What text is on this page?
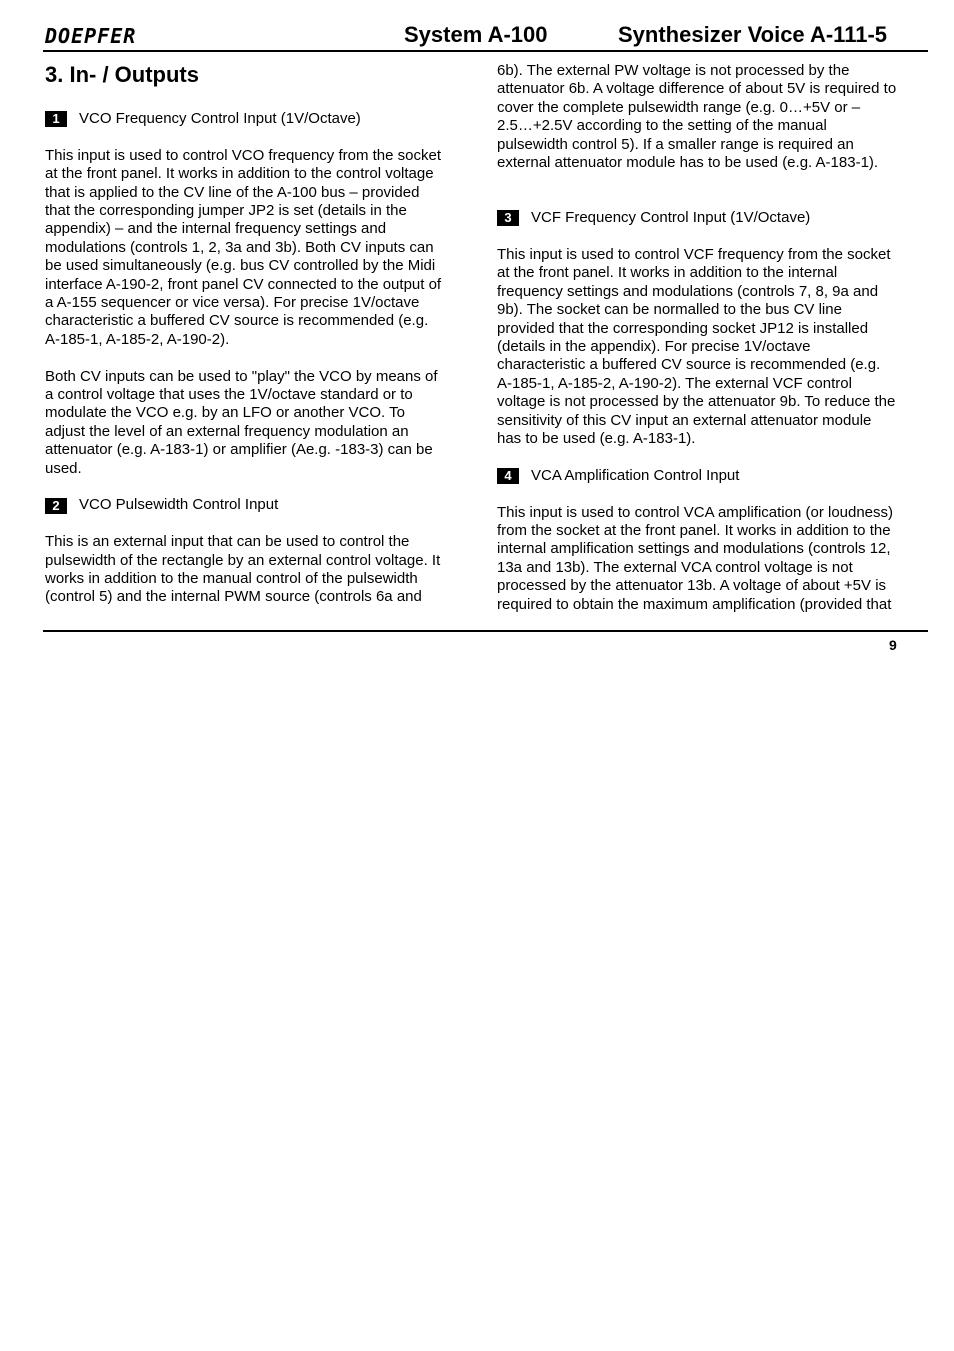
DOEPFER	System A-100	Synthesizer Voice A-111-5
3. In- / Outputs
1	VCO Frequency Control Input (1V/Octave)

This input is used to control VCO frequency from the socket

at the front panel. It works in addition to the control voltage

that is applied to the CV line of the A-100 bus – provided

that the corresponding jumper JP2 is set (details in the

appendix) – and the internal frequency settings and

modulations (controls 1, 2, 3a and 3b). Both CV inputs can

be used simultaneously (e.g. bus CV controlled by the Midi

interface A-190-2, front panel CV connected to the output of

a A-155 sequencer or vice versa). For precise 1V/octave

characteristic a buffered CV source is recommended (e.g.

A-185-1, A-185-2, A-190-2).

Both CV inputs can be used to "play" the VCO by means of

a control voltage that uses the 1V/octave standard or to

modulate the VCO e.g. by an LFO or another VCO. To

adjust the level of an external frequency modulation an

attenuator (e.g. A-183-1) or amplifier (Ae.g. -183-3) can be

used.

2	VCO Pulsewidth Control Input

This is an external input that can be used to control the

pulsewidth of the rectangle by an external control voltage. It

works in addition to the manual control of the pulsewidth

(control 5) and the internal PWM source (controls 6a and

6b). The external PW voltage is not processed by the

attenuator 6b. A voltage difference of about 5V is required to

cover the complete pulsewidth range (e.g. 0…+5V or –

2.5…+2.5V according to the setting of the manual

pulsewidth control 5). If a smaller range is required an

external attenuator module has to be used (e.g. A-183-1).

3	VCF Frequency Control Input (1V/Octave)

This input is used to control VCF frequency from the socket

at the front panel. It works in addition to the internal

frequency settings and modulations (controls 7, 8, 9a and

9b). The socket can be normalled to the bus CV line

provided that the corresponding socket JP12 is installed

(details in the appendix). For precise 1V/octave

characteristic a buffered CV source is recommended (e.g.

A-185-1, A-185-2, A-190-2). The external VCF control

voltage is not processed by the attenuator 9b. To reduce the

sensitivity of this CV input an external attenuator module

has to be used (e.g. A-183-1).

4	VCA Amplification Control Input

This input is used to control VCA amplification (or loudness)

from the socket at the front panel. It works in addition to the

internal amplification settings and modulations (controls 12,

13a and 13b). The external VCA control voltage is not

processed by the attenuator 13b. A voltage of about +5V is

required to obtain the maximum amplification (provided that

9
